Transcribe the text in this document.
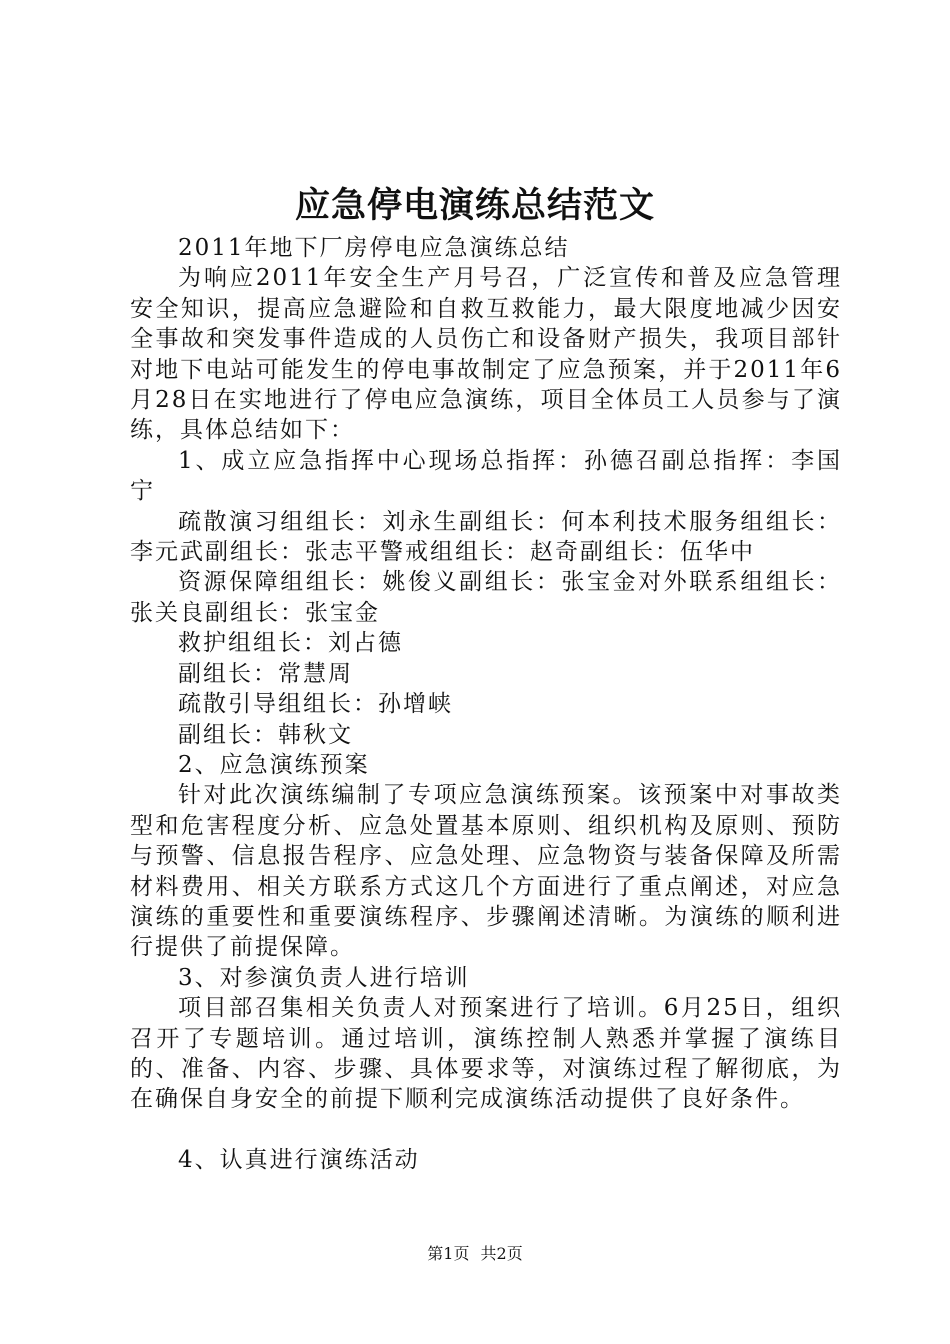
应急停电演练总结范文

2011年地下厂房停电应急演练总结

为响应2011年安全生产月号召，广泛宣传和普及应急管理安全知识，提高应急避险和自救互救能力，最大限度地减少因安全事故和突发事件造成的人员伤亡和设备财产损失，我项目部针对地下电站可能发生的停电事故制定了应急预案，并于2011年6月28日在实地进行了停电应急演练，项目全体员工人员参与了演练，具体总结如下：

1、成立应急指挥中心现场总指挥：孙德召副总指挥：李国宁

疏散演习组组长：刘永生副组长：何本利技术服务组组长：李元武副组长：张志平警戒组组长：赵奇副组长：伍华中

资源保障组组长：姚俊义副组长：张宝金对外联系组组长：张关良副组长：张宝金

救护组组长：刘占德

副组长：常慧周

疏散引导组组长：孙增峡

副组长：韩秋文

2、应急演练预案

针对此次演练编制了专项应急演练预案。该预案中对事故类型和危害程度分析、应急处置基本原则、组织机构及原则、预防与预警、信息报告程序、应急处理、应急物资与装备保障及所需材料费用、相关方联系方式这几个方面进行了重点阐述，对应急演练的重要性和重要演练程序、步骤阐述清晰。为演练的顺利进行提供了前提保障。

3、对参演负责人进行培训

项目部召集相关负责人对预案进行了培训。6月25日，组织召开了专题培训。通过培训，演练控制人熟悉并掌握了演练目的、准备、内容、步骤、具体要求等，对演练过程了解彻底，为在确保自身安全的前提下顺利完成演练活动提供了良好条件。

4、认真进行演练活动

第1页 共2页
